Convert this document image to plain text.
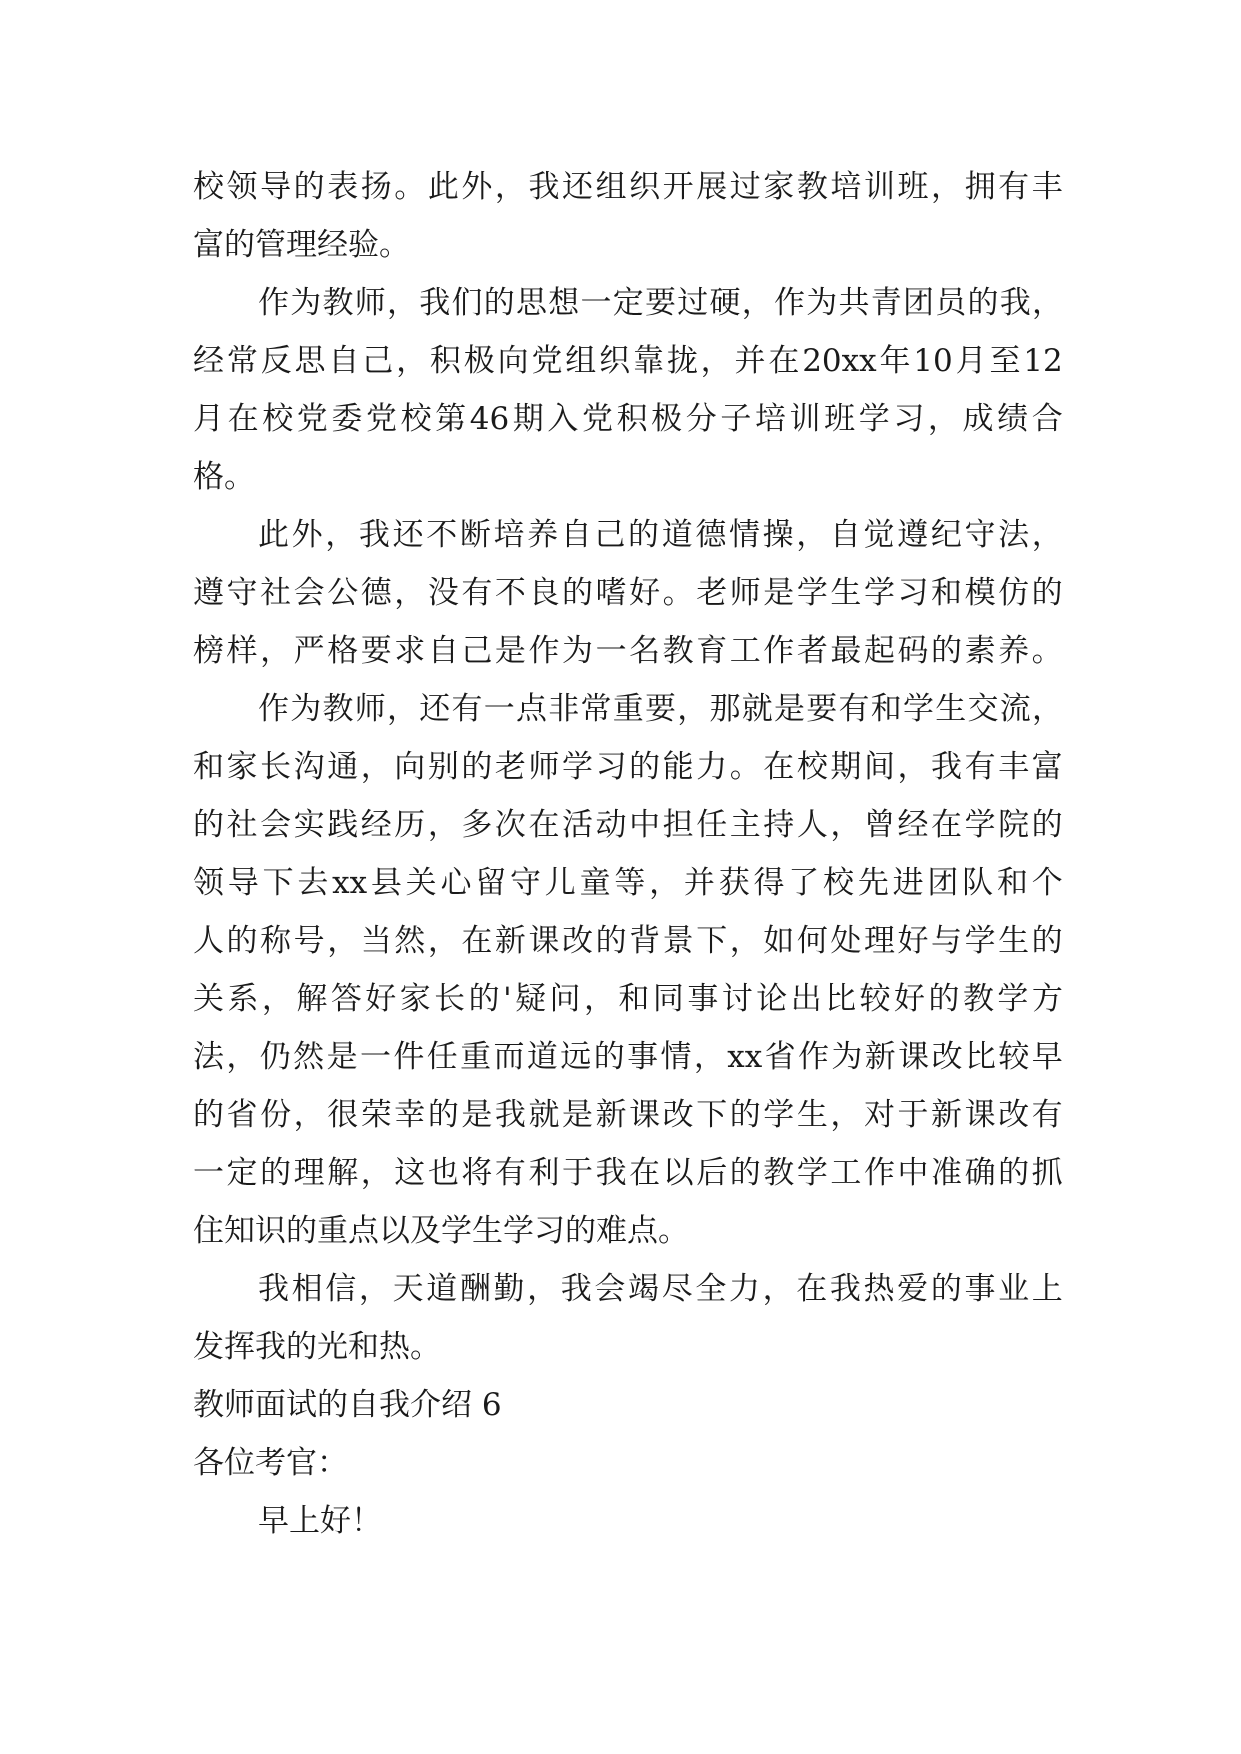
校 领 导 的 表 扬 。 此 外 ， 我 还 组 织 开 展 过 家 教 培 训 班 ， 拥 有 丰
富的管理经验。
作 为 教 师 ， 我 们 的 思 想 一 定 要 过 硬 ， 作 为 共 青 团 员 的 我 ，
经 常 反 思 自 己 ， 积 极 向 党 组 织 靠 拢 ， 并 在 20xx 年 10 月 至 12
月 在 校 党 委 党 校 第 46 期 入 党 积 极 分 子 培 训 班 学 习 ， 成 绩 合
格。
此 外 ， 我 还 不 断 培 养 自 己 的 道 德 情 操 ， 自 觉 遵 纪 守 法 ，
遵 守 社 会 公 德 ， 没 有 不 良 的 嗜 好 。 老 师 是 学 生 学 习 和 模 仿 的
榜 样 ， 严 格 要 求 自 己 是 作 为 一 名 教 育 工 作 者 最 起 码 的 素 养 。
作 为 教 师 ， 还 有 一 点 非 常 重 要 ， 那 就 是 要 有 和 学 生 交 流 ，
和 家 长 沟 通 ， 向 别 的 老 师 学 习 的 能 力 。 在 校 期 间 ， 我 有 丰 富
的 社 会 实 践 经 历 ， 多 次 在 活 动 中 担 任 主 持 人 ， 曾 经 在 学 院 的
领 导 下 去 xx 县 关 心 留 守 儿 童 等 ， 并 获 得 了 校 先 进 团 队 和 个
人 的 称 号 ， 当 然 ， 在 新 课 改 的 背 景 下 ， 如 何 处 理 好 与 学 生 的
关 系 ， 解 答 好 家 长 的 ' 疑 问 ， 和 同 事 讨 论 出 比 较 好 的 教 学 方
法 ， 仍 然 是 一 件 任 重 而 道 远 的 事 情 ， xx 省 作 为 新 课 改 比 较 早
的 省 份 ， 很 荣 幸 的 是 我 就 是 新 课 改 下 的 学 生 ， 对 于 新 课 改 有
一 定 的 理 解 ， 这 也 将 有 利 于 我 在 以 后 的 教 学 工 作 中 准 确 的 抓
住知识的重点以及学生学习的难点。
我 相 信 ， 天 道 酬 勤 ， 我 会 竭 尽 全 力 ， 在 我 热 爱 的 事 业 上
发挥我的光和热。
教师面试的自我介绍 6
各位考官：
早上好！
